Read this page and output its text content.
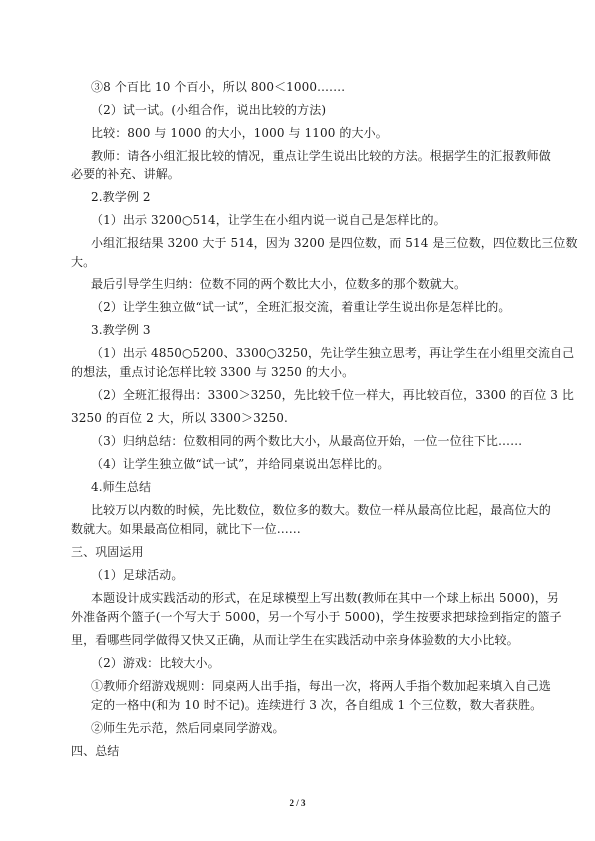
③8 个百比 10 个百小，所以 800＜1000.……
（2）试一试。(小组合作，说出比较的方法)
比较：800 与 1000 的大小，1000 与 1100 的大小。
教师：请各小组汇报比较的情况，重点让学生说出比较的方法。根据学生的汇报教师做
必要的补充、讲解。
2.教学例 2
（1）出示 3200○514，让学生在小组内说一说自己是怎样比的。
小组汇报结果 3200 大于 514，因为 3200 是四位数，而 514 是三位数，四位数比三位数
大。
最后引导学生归纳：位数不同的两个数比大小，位数多的那个数就大。
（2）让学生独立做“试一试”，全班汇报交流，着重让学生说出你是怎样比的。
3.教学例 3
（1）出示 4850○5200、3300○3250，先让学生独立思考，再让学生在小组里交流自己
的想法，重点讨论怎样比较 3300 与 3250 的大小。
（2）全班汇报得出：3300＞3250，先比较千位一样大，再比较百位，3300 的百位 3 比
3250 的百位 2 大，所以 3300＞3250.
（3）归纳总结：位数相同的两个数比大小，从最高位开始，一位一位往下比……
（4）让学生独立做“试一试”，并给同桌说出怎样比的。
4.师生总结
比较万以内数的时候，先比数位，数位多的数大。数位一样从最高位比起，最高位大的
数就大。如果最高位相同，就比下一位……
三、巩固运用
（1）足球活动。
本题设计成实践活动的形式，在足球模型上写出数(教师在其中一个球上标出 5000)，另
外准备两个篮子(一个写大于 5000，另一个写小于 5000)，学生按要求把球捡到指定的篮子
里，看哪些同学做得又快又正确，从而让学生在实践活动中亲身体验数的大小比较。
（2）游戏：比较大小。
①教师介绍游戏规则：同桌两人出手指，每出一次，将两人手指个数加起来填入自己选
定的一格中(和为 10 时不记)。连续进行 3 次，各自组成 1 个三位数，数大者获胜。
②师生先示范，然后同桌同学游戏。
四、总结
2 / 3
